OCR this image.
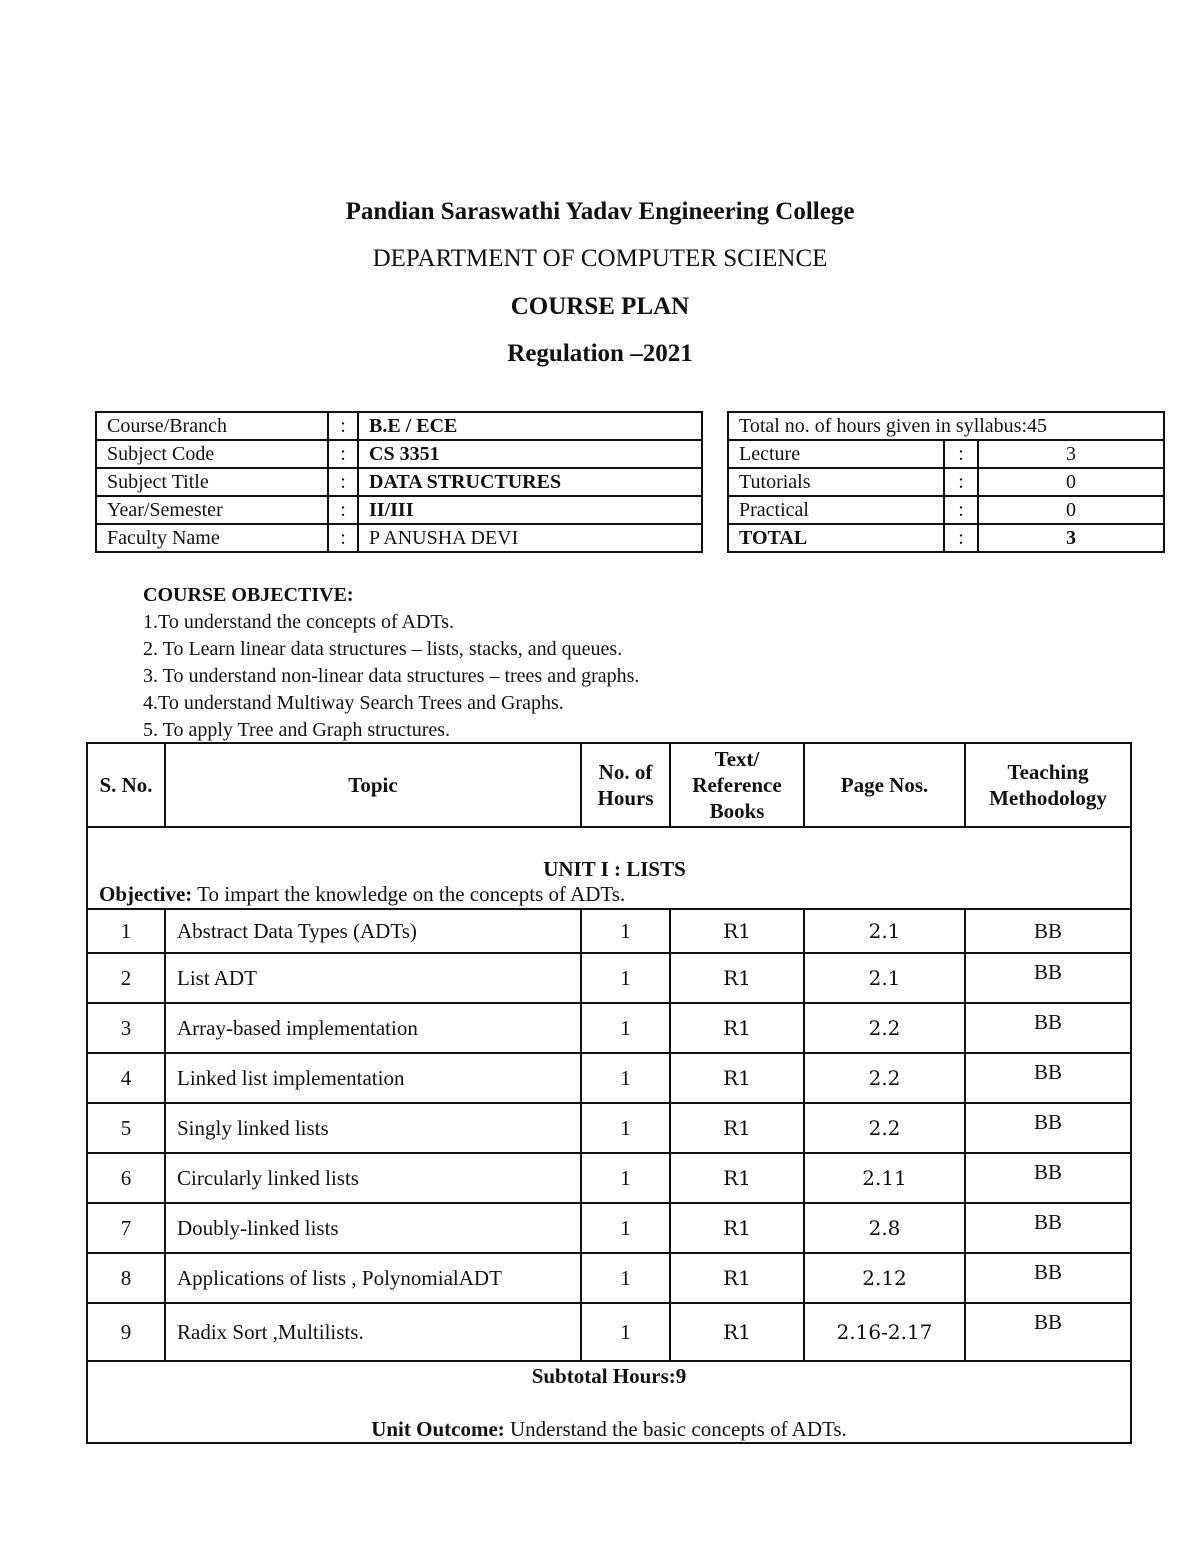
Pandian Saraswathi Yadav Engineering College
DEPARTMENT OF COMPUTER SCIENCE
COURSE PLAN
Regulation –2021
Course/Branch	:	B.E / ECE
Subject Code	:	CS 3351
Subject Title	:	DATA STRUCTURES
Year/Semester	:	II/III
Faculty Name	:	P ANUSHA DEVI
Total no. of hours given in syllabus:45		
Lecture	:	3
Tutorials	:	0
Practical	:	0
TOTAL	:	3
COURSE OBJECTIVE:
1.To understand the concepts of ADTs.
2. To Learn linear data structures – lists, stacks, and queues.
3. To understand non-linear data structures – trees and graphs.
4.To understand Multiway Search Trees and Graphs.
5. To apply Tree and Graph structures.
S. No.	Topic	No. of Hours	Text/ Reference Books	Page Nos.	Teaching Methodology

UNIT I : LISTS
Objective: To impart the knowledge on the concepts of ADTs.					

1	Abstract Data Types (ADTs)	1	R1	2.1	BB
2	List ADT	1	R1	2.1	BB
3	Array-based implementation	1	R1	2.2	BB
4	Linked list implementation	1	R1	2.2	BB
5	Singly linked lists	1	R1	2.2	BB
6	Circularly linked lists	1	R1	2.11	BB
7	Doubly-linked lists	1	R1	2.8	BB
8	Applications of lists , PolynomialADT	1	R1	2.12	BB
9	Radix Sort ,Multilists.	1	R1	2.16-2.17	BB

Subtotal Hours:9
Unit Outcome: Understand the basic concepts of ADTs.					
